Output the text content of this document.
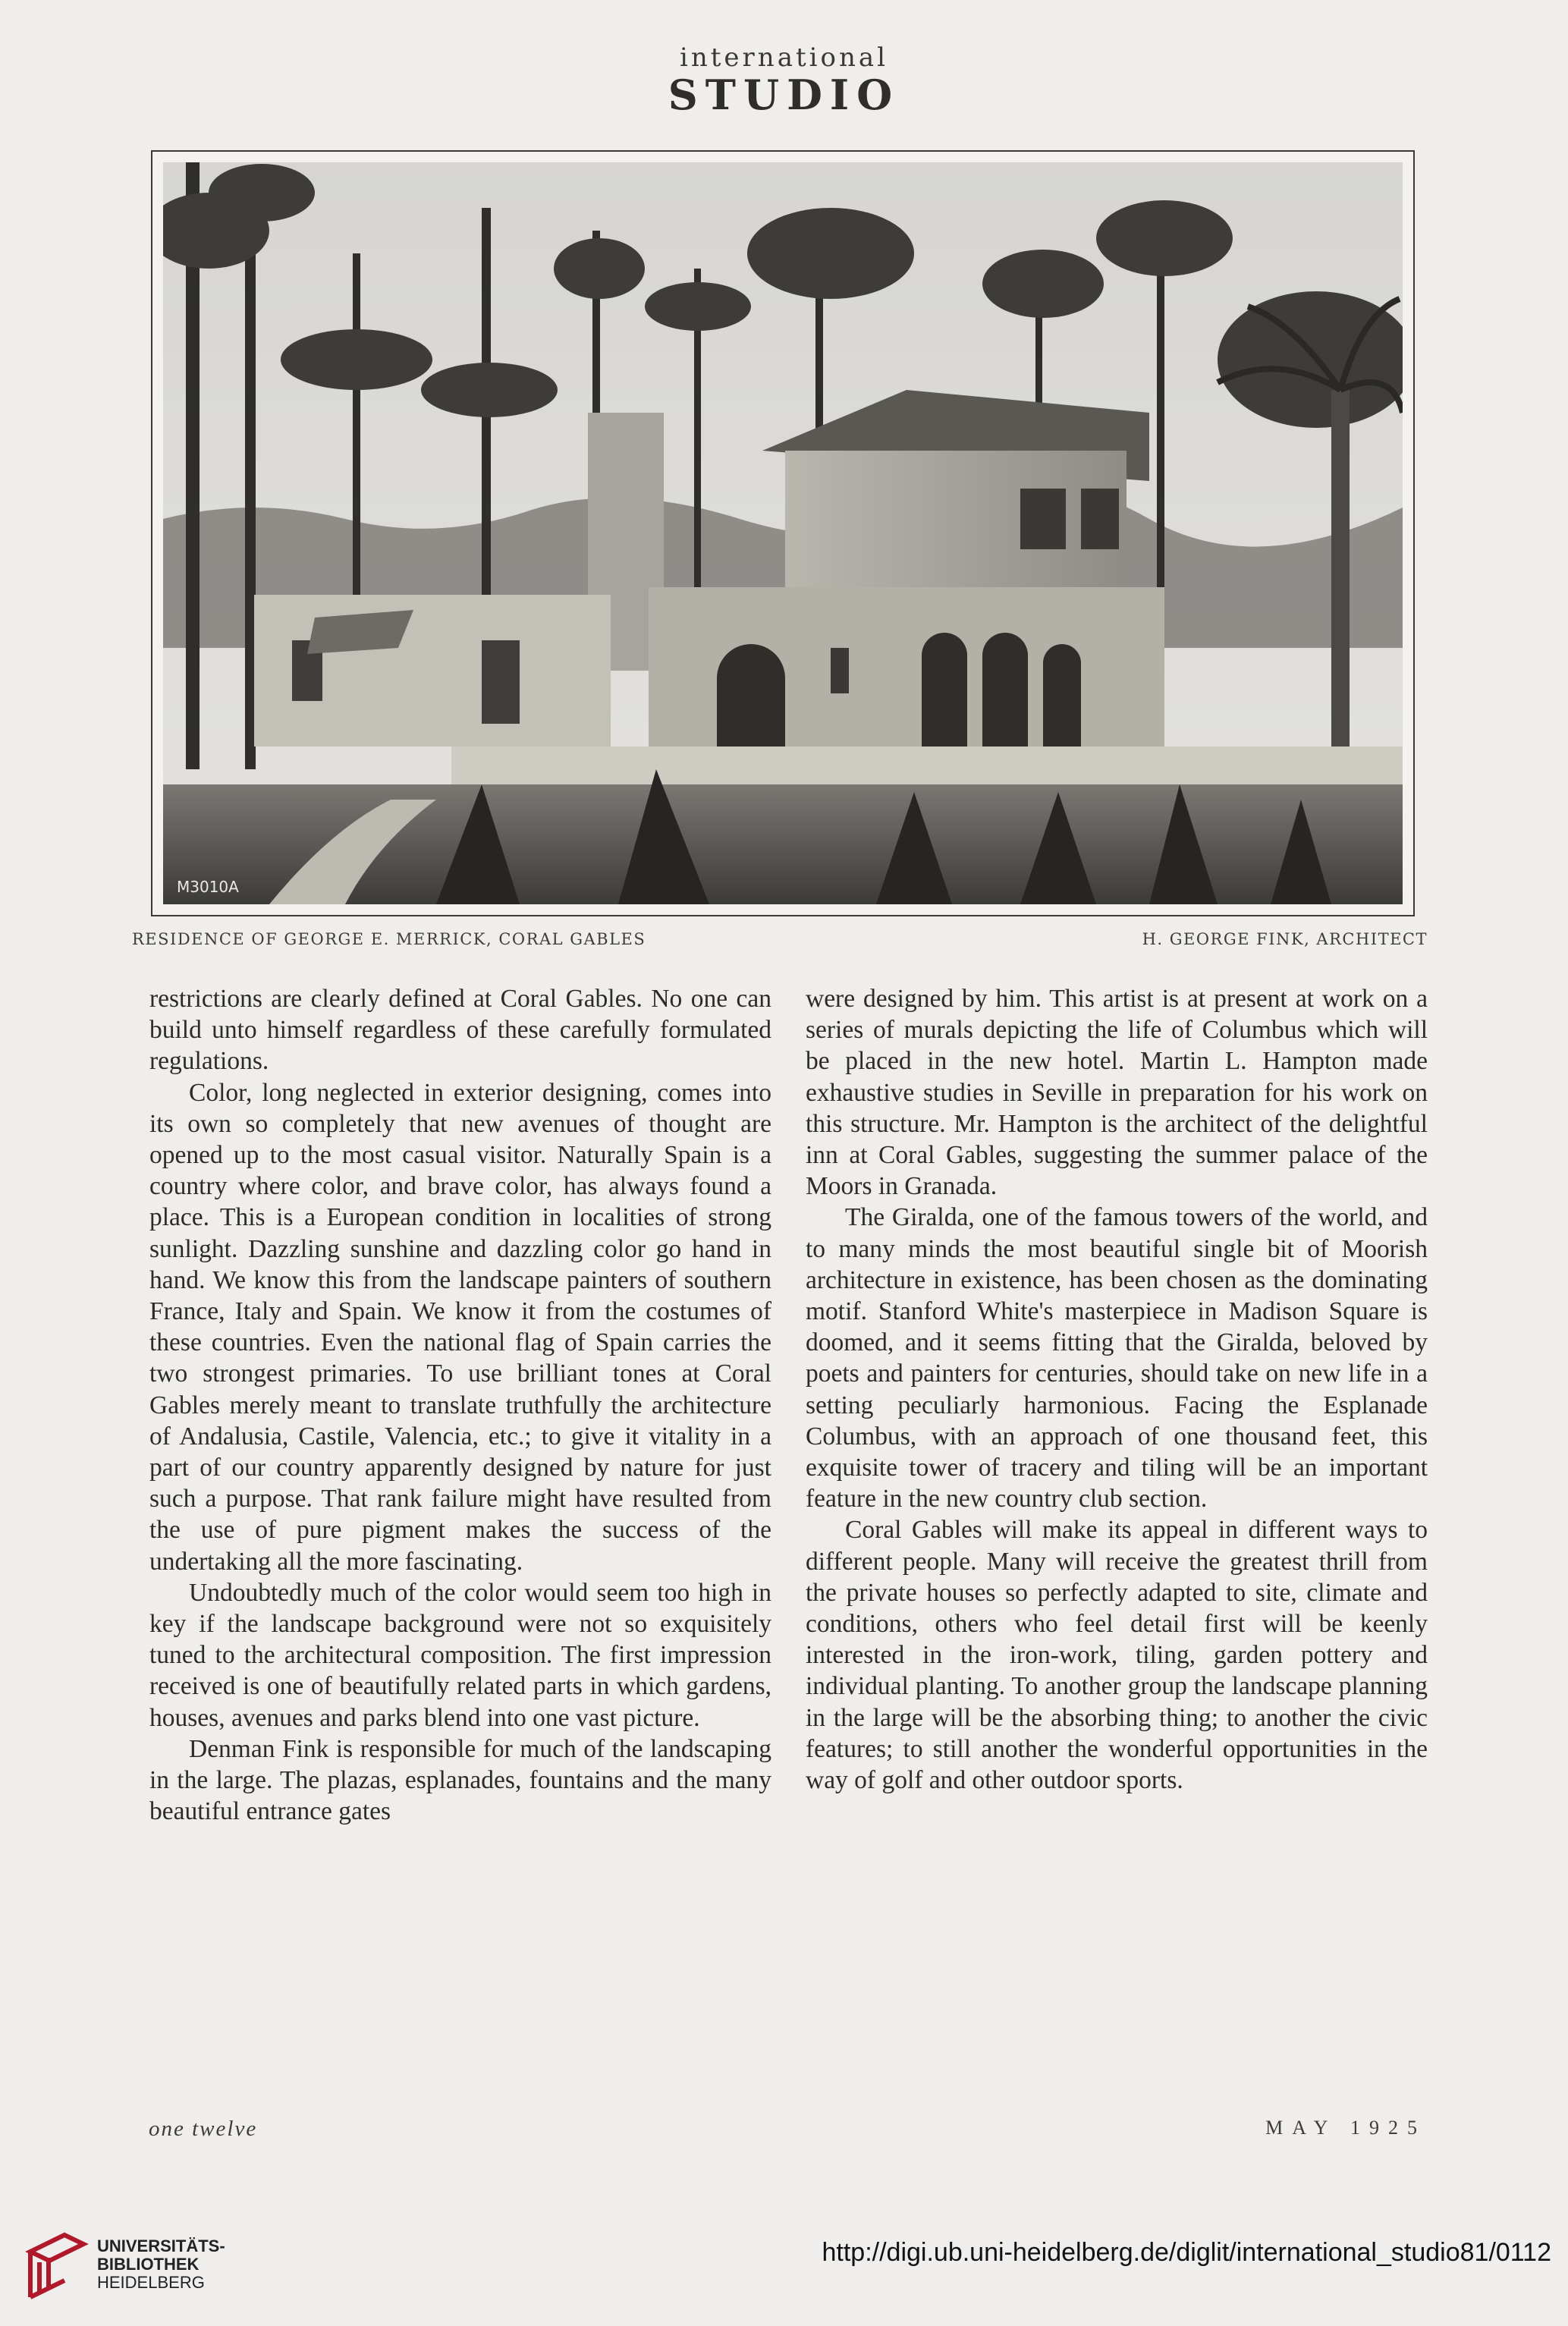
international
STUDIO
M3010A
RESIDENCE OF GEORGE E. MERRICK, CORAL GABLES	H. GEORGE FINK, ARCHITECT

restrictions are clearly defined at Coral Gables. No one can build unto himself regardless of these carefully formulated regulations.

Color, long neglected in exterior designing, comes into its own so completely that new avenues of thought are opened up to the most casual visitor. Naturally Spain is a country where color, and brave color, has always found a place. This is a European condition in localities of strong sunlight. Dazzling sunshine and dazzling color go hand in hand. We know this from the landscape painters of southern France, Italy and Spain. We know it from the costumes of these countries. Even the national flag of Spain carries the two strongest primaries. To use brilliant tones at Coral Gables merely meant to translate truthfully the architecture of Andalusia, Castile, Valencia, etc.; to give it vitality in a part of our country apparently designed by nature for just such a purpose. That rank failure might have resulted from the use of pure pigment makes the success of the undertaking all the more fascinating.

Undoubtedly much of the color would seem too high in key if the landscape background were not so exquisitely tuned to the architectural composition. The first impression received is one of beautifully related parts in which gardens, houses, avenues and parks blend into one vast picture.

Denman Fink is responsible for much of the landscaping in the large. The plazas, esplanades, fountains and the many beautiful entrance gates

were designed by him. This artist is at present at work on a series of murals depicting the life of Columbus which will be placed in the new hotel. Martin L. Hampton made exhaustive studies in Seville in preparation for his work on this structure. Mr. Hampton is the architect of the delightful inn at Coral Gables, suggesting the summer palace of the Moors in Granada.

The Giralda, one of the famous towers of the world, and to many minds the most beautiful single bit of Moorish architecture in existence, has been chosen as the dominating motif. Stanford White's masterpiece in Madison Square is doomed, and it seems fitting that the Giralda, beloved by poets and painters for centuries, should take on new life in a setting peculiarly harmonious. Facing the Esplanade Columbus, with an approach of one thousand feet, this exquisite tower of tracery and tiling will be an important feature in the new country club section.

Coral Gables will make its appeal in different ways to different people. Many will receive the greatest thrill from the private houses so perfectly adapted to site, climate and conditions, others who feel detail first will be keenly interested in the iron-work, tiling, garden pottery and individual planting. To another group the landscape planning in the large will be the absorbing thing; to another the civic features; to still another the wonderful opportunities in the way of golf and other outdoor sports.

one twelve	MAY 1925
UNIVERSITÄTS-
BIBLIOTHEK
HEIDELBERG
http://digi.ub.uni-heidelberg.de/diglit/international_studio81/0112
